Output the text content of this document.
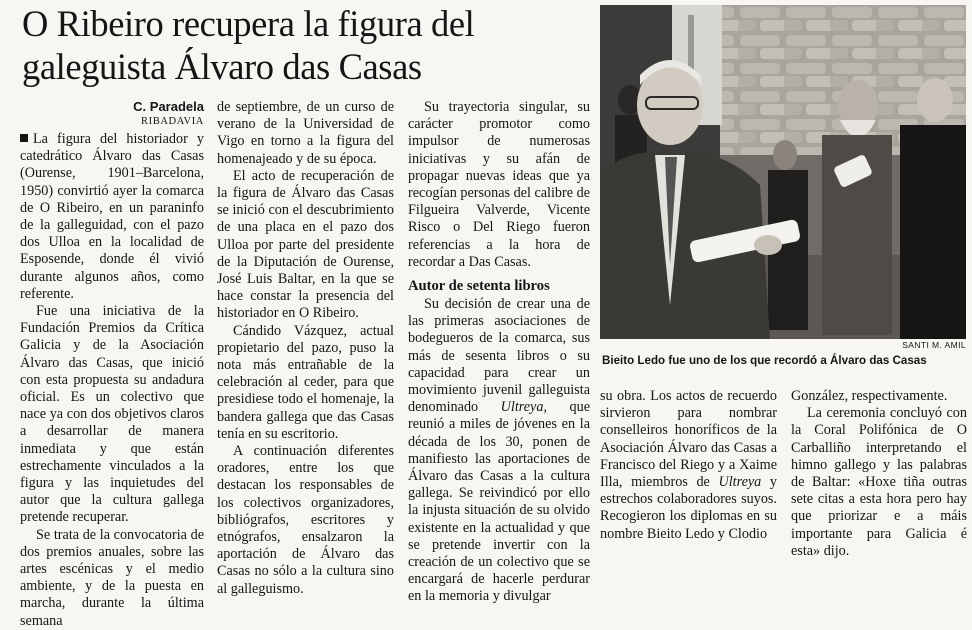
O Ribeiro recupera la figura del galeguista Álvaro das Casas
C. Paradela
RIBADAVIA

La figura del historiador y catedrático Álvaro das Casas (Ourense, 1901–Barcelona, 1950) convirtió ayer la comarca de O Ribeiro, en un paraninfo de la galleguidad, con el pazo dos Ulloa en la localidad de Esposende, donde él vivió durante algunos años, como referente.

Fue una iniciativa de la Fundación Premios da Crítica Galicia y de la Asociación Álvaro das Casas, que inició con esta propuesta su andadura oficial. Es un colectivo que nace ya con dos objetivos claros a desarrollar de manera inmediata y que están estrechamente vinculados a la figura y las inquietudes del autor que la cultura gallega pretende recuperar.

Se trata de la convocatoria de dos premios anuales, sobre las artes escénicas y el medio ambiente, y de la puesta en marcha, durante la última semana

de septiembre, de un curso de verano de la Universidad de Vigo en torno a la figura del homenajeado y de su época.

El acto de recuperación de la figura de Álvaro das Casas se inició con el descubrimiento de una placa en el pazo dos Ulloa por parte del presidente de la Diputación de Ourense, José Luis Baltar, en la que se hace constar la presencia del historiador en O Ribeiro.

Cándido Vázquez, actual propietario del pazo, puso la nota más entrañable de la celebración al ceder, para que presidiese todo el homenaje, la bandera gallega que das Casas tenía en su escritorio.

A continuación diferentes oradores, entre los que destacan los responsables de los colectivos organizadores, bibliógrafos, escritores y etnógrafos, ensalzaron la aportación de Álvaro das Casas no sólo a la cultura sino al galleguismo.

Su trayectoria singular, su carácter promotor como impulsor de numerosas iniciativas y su afán de propagar nuevas ideas que ya recogían personas del calibre de Filgueira Valverde, Vicente Risco o Del Riego fueron referencias a la hora de recordar a Das Casas.

Autor de setenta libros

Su decisión de crear una de las primeras asociaciones de bodegueros de la comarca, sus más de sesenta libros o su capacidad para crear un movimiento juvenil galleguista denominado Ultreya, que reunió a miles de jóvenes en la década de los 30, ponen de manifiesto las aportaciones de Álvaro das Casas a la cultura gallega. Se reivindicó por ello la injusta situación de su olvido existente en la actualidad y que se pretende invertir con la creación de un colectivo que se encargará de hacerle perdurar en la memoria y divulgar

SANTI M. AMIL
Bieito Ledo fue uno de los que recordó a Álvaro das Casas

su obra. Los actos de recuerdo sirvieron para nombrar conselleiros honoríficos de la Asociación Álvaro das Casas a Francisco del Riego y a Xaime Illa, miembros de Ultreya y estrechos colaboradores suyos. Recogieron los diplomas en su nombre Bieito Ledo y Clodio

González, respectivamente.

La ceremonia concluyó con la Coral Polifónica de O Carballiño interpretando el himno gallego y las palabras de Baltar: «Hoxe tiña outras sete citas a esta hora pero hay que priorizar e a máis importante para Galicia é esta» dijo.
